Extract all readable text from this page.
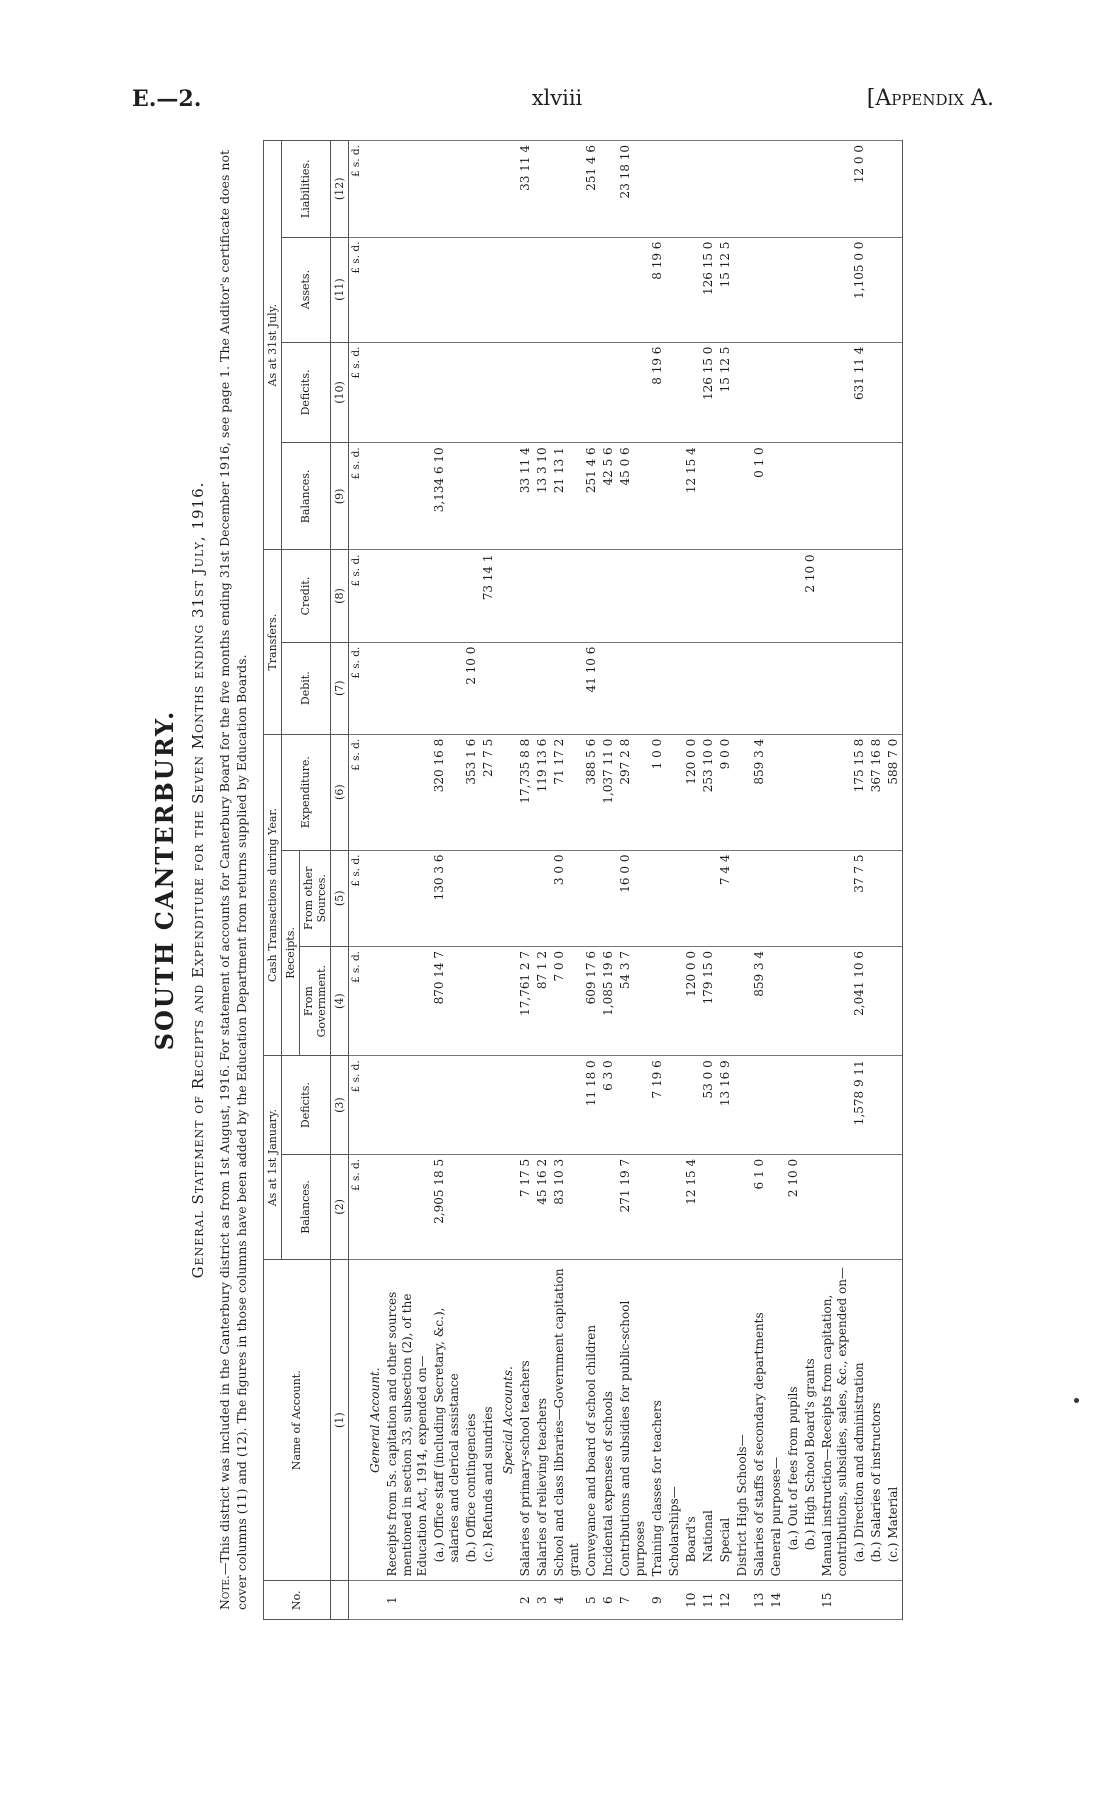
E.—2.	xlviii	[Appendix A.
SOUTH CANTERBURY. General Statement of Receipts and Expenditure for the Seven Months ending 31st July, 1916.
Note.—This district was included in the Canterbury district as from 1st August, 1916. For statement of accounts for Canterbury Board for the five months ending 31st December 1916, see page 1. The Auditor's certificate does not cover columns (11) and (12). The figures in those columns have been added by the Education Department from returns supplied by Education Boards.	No.	Name of Account.	As at 1st January.		Cash Transactions during Year.			Transfers.		As at 31st July.			
		Balances.	Deficits.	Receipts.		Expenditure.	Debit.	Credit.	Balances.	Deficits.	Assets.	Liabilities.
				From Government.	From other Sources.							
	(1)	(2)	(3)	(4)	(5)	(6)	(7)	(8)	(9)	(10)	(11)	(12)
		£ s. d.	£ s. d.	£ s. d.	£ s. d.	£ s. d.	£ s. d.	£ s. d.	£ s. d.	£ s. d.	£ s. d.	£ s. d.
	General Account.											
1	Receipts from 5s. capitation and other sources mentioned in section 33, subsection (2), of the Education Act, 1914, expended on—											
	(a.) Office staff (including Secretary, &c.), salaries and clerical assistance	2,905 18 5		870 14 7	130 3 6	320 16 8			3,134 6 10			
	(b.) Office contingencies					353 1 6	2 10 0					
	(c.) Refunds and sundries					27 7 5		73 14 1				
	Special Accounts.											
2	Salaries of primary-school teachers	7 17 5		17,761 2 7		17,735 8 8			33 11 4			33 11 4
3	Salaries of relieving teachers	45 16 2		87 1 2		119 13 6			13 3 10			
4	School and class libraries—Government capitation grant	83 10 3		7 0 0	3 0 0	71 17 2			21 13 1			
5	Conveyance and board of school children		11 18 0	609 17 6		388 5 6	41 10 6		251 4 6			251 4 6
6	Incidental expenses of schools		6 3 0	1,085 19 6		1,037 11 0			42 5 6			
7	Contributions and subsidies for public-school purposes	271 19 7		54 3 7	16 0 0	297 2 8			45 0 6			23 18 10
9	Training classes for teachers		7 19 6			1 0 0				8 19 6	8 19 6	
	Scholarships—											
10	Board's	12 15 4		120 0 0		120 0 0			12 15 4			
11	National		53 0 0	179 15 0		253 10 0				126 15 0	126 15 0	
12	Special		13 16 9		7 4 4	9 0 0				15 12 5	15 12 5	
	District High Schools—											
13	Salaries of staffs of secondary departments	6 1 0		859 3 4		859 3 4			0 1 0			
14	General purposes—											
	(a.) Out of fees from pupils	2 10 0										
	(b.) High School Board's grants							2 10 0				
15	Manual instruction—Receipts from capitation, contributions, subsidies, sales, &c., expended on—											
	(a.) Direction and administration		1,578 9 11	2,041 10 6	37 7 5	175 15 8				631 11 4	1,105 0 0	12 0 0
	(b.) Salaries of instructors					367 16 8						
	(c.) Material					588 7 0						
